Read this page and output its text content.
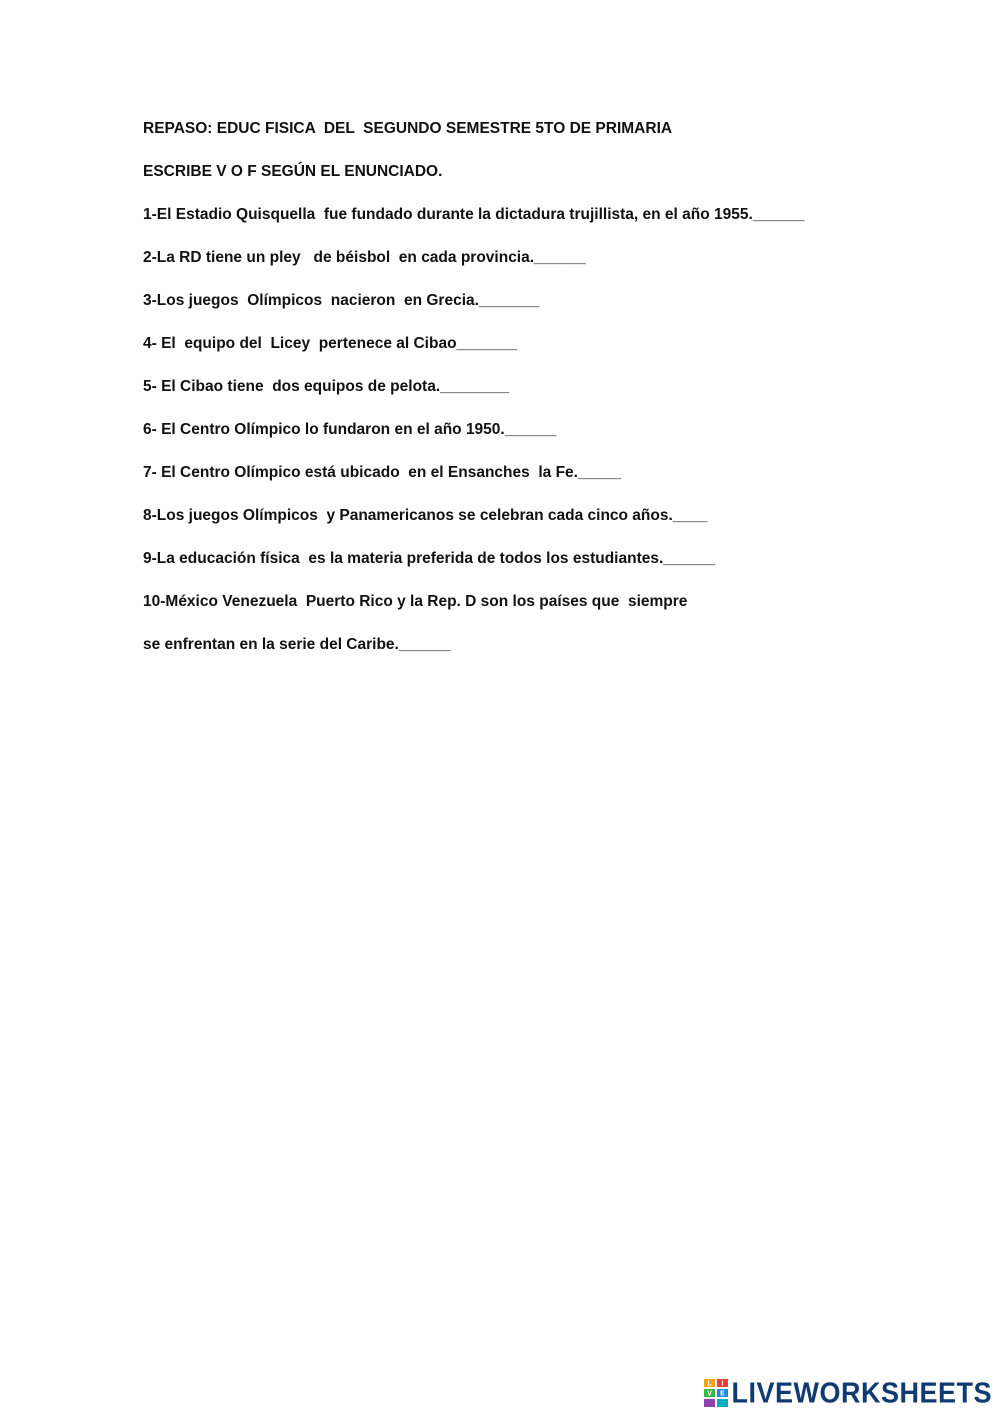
REPASO: EDUC FISICA  DEL  SEGUNDO SEMESTRE 5TO DE PRIMARIA
ESCRIBE V O F SEGÚN EL ENUNCIADO.
1-El Estadio Quisquella  fue fundado durante la dictadura trujillista, en el año 1955.______
2-La RD tiene un pley   de béisbol  en cada provincia.______
3-Los juegos  Olímpicos  nacieron  en Grecia._______
4- El  equipo del  Licey  pertenece al Cibao_______
5- El Cibao tiene  dos equipos de pelota.________
6- El Centro Olímpico lo fundaron en el año 1950.______
7- El Centro Olímpico está ubicado  en el Ensanches  la Fe._____
8-Los juegos Olímpicos  y Panamericanos se celebran cada cinco años.____
9-La educación física  es la materia preferida de todos los estudiantes.______
10-México Venezuela  Puerto Rico y la Rep. D son los países que  siempre
se enfrentan en la serie del Caribe.______
L I
V E LIVEWORKSHEETS
